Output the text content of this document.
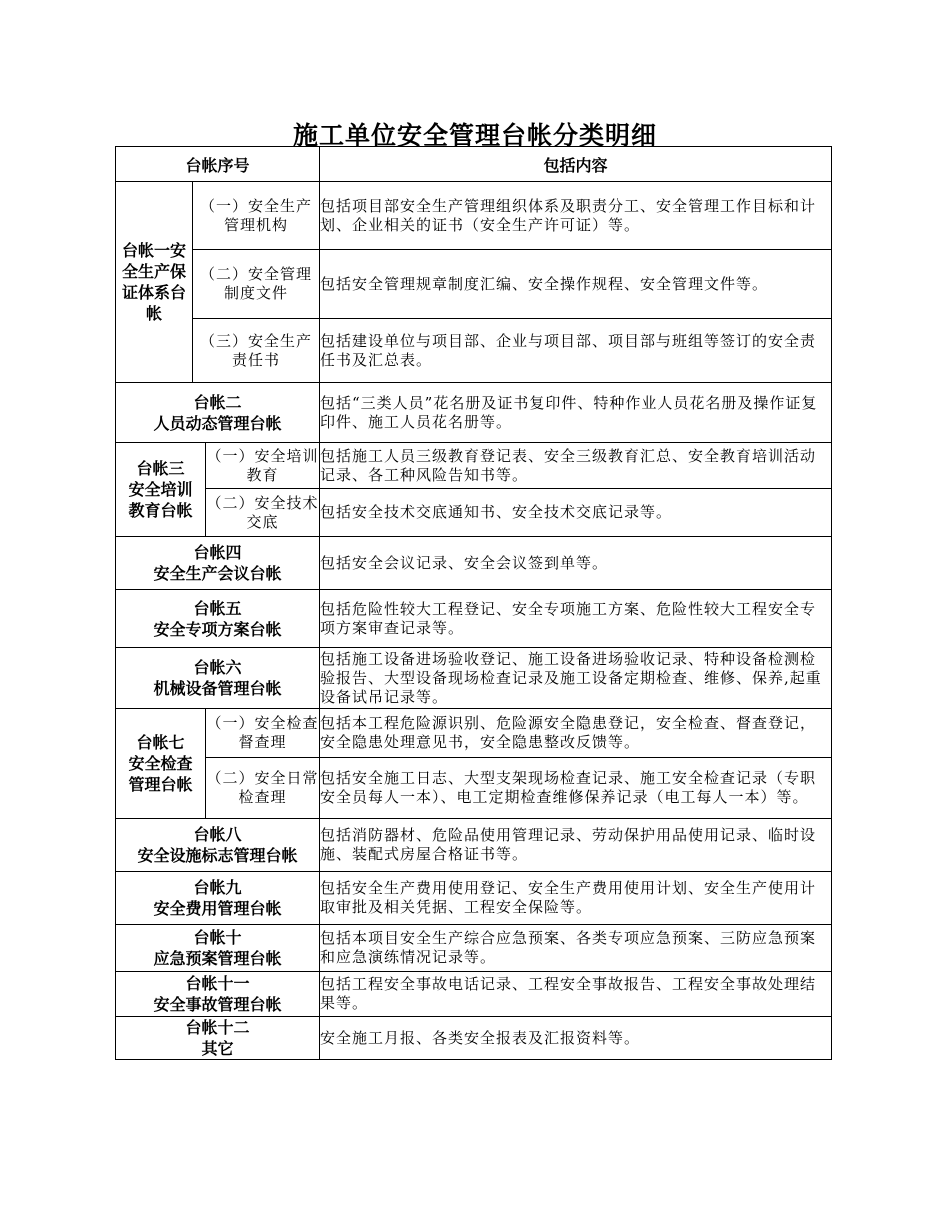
施工单位安全管理台帐分类明细
台帐序号			包括内容
台帐一安全生产保证体系台帐	（一）安全生产管理机构		包括项目部安全生产管理组织体系及职责分工、安全管理工作目标和计划、企业相关的证书（安全生产许可证）等。
	（二）安全管理制度文件		包括安全管理规章制度汇编、安全操作规程、安全管理文件等。
	（三）安全生产责任书		包括建设单位与项目部、企业与项目部、项目部与班组等签订的安全责任书及汇总表。

台帐二
人员动态管理台帐			包括“三类人员”花名册及证书复印件、特种作业人员花名册及操作证复印件、施工人员花名册等。

台帐三
安全培训
教育台帐		（一）安全培训教育	包括施工人员三级教育登记表、安全三级教育汇总、安全教育培训活动记录、各工种风险告知书等。
		（二）安全技术交底	包括安全技术交底通知书、安全技术交底记录等。

台帐四
安全生产会议台帐			包括安全会议记录、安全会议签到单等。

台帐五
安全专项方案台帐			包括危险性较大工程登记、安全专项施工方案、危险性较大工程安全专项方案审查记录等。

台帐六
机械设备管理台帐			包括施工设备进场验收登记、施工设备进场验收记录、特种设备检测检验报告、大型设备现场检查记录及施工设备定期检查、维修、保养,起重设备试吊记录等。

台帐七
安全检查
管理台帐		（一）安全检查督查理	包括本工程危险源识别、危险源安全隐患登记，安全检查、督查登记，安全隐患处理意见书，安全隐患整改反馈等。
		（二）安全日常检查理	包括安全施工日志、大型支架现场检查记录、施工安全检查记录（专职安全员每人一本）、电工定期检查维修保养记录（电工每人一本）等。

台帐八
安全设施标志管理台帐			包括消防器材、危险品使用管理记录、劳动保护用品使用记录、临时设施、装配式房屋合格证书等。

台帐九
安全费用管理台帐			包括安全生产费用使用登记、安全生产费用使用计划、安全生产使用计取审批及相关凭据、工程安全保险等。

台帐十
应急预案管理台帐			包括本项目安全生产综合应急预案、各类专项应急预案、三防应急预案和应急演练情况记录等。

台帐十一
安全事故管理台帐			包括工程安全事故电话记录、工程安全事故报告、工程安全事故处理结果等。

台帐十二
其它			安全施工月报、各类安全报表及汇报资料等。
